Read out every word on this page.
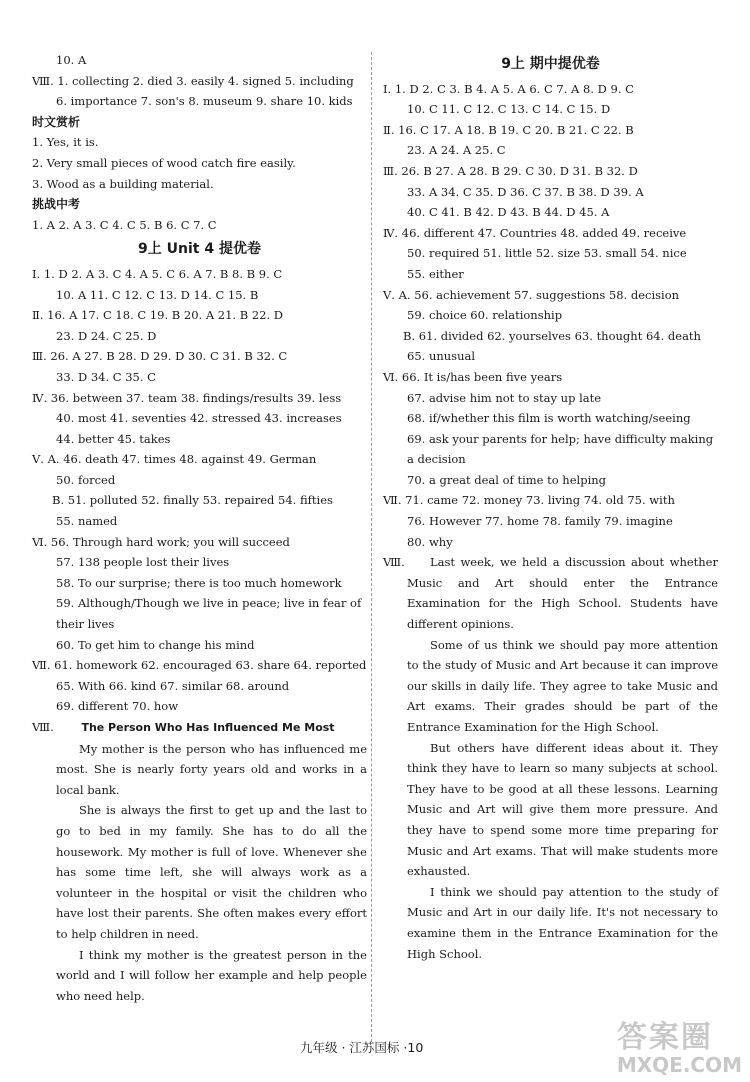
10. A
Ⅷ. 1. collecting 2. died 3. easily 4. signed 5. including
6. importance 7. son's 8. museum 9. share 10. kids
时文赏析
1. Yes, it is.
2. Very small pieces of wood catch fire easily.
3. Wood as a building material.
挑战中考
1. A 2. A 3. C 4. C 5. B 6. C 7. C
9上 Unit 4 提优卷
Ⅰ. 1. D 2. A 3. C 4. A 5. C 6. A 7. B 8. B 9. C
10. A 11. C 12. C 13. D 14. C 15. B
Ⅱ. 16. A 17. C 18. C 19. B 20. A 21. B 22. D
23. D 24. C 25. D
Ⅲ. 26. A 27. B 28. D 29. D 30. C 31. B 32. C
33. D 34. C 35. C
Ⅳ. 36. between 37. team 38. findings/results 39. less
40. most 41. seventies 42. stressed 43. increases
44. better 45. takes
Ⅴ. A. 46. death 47. times 48. against 49. German
50. forced
B. 51. polluted 52. finally 53. repaired 54. fifties
55. named
Ⅵ. 56. Through hard work; you will succeed
57. 138 people lost their lives
58. To our surprise; there is too much homework
59. Although/Though we live in peace; live in fear of
their lives
60. To get him to change his mind
Ⅶ. 61. homework 62. encouraged 63. share 64. reported
65. With 66. kind 67. similar 68. around
69. different 70. how
Ⅷ.	The Person Who Has Influenced Me Most
My mother is the person who has influenced me most. She is nearly forty years old and works in a local bank.
She is always the first to get up and the last to go to bed in my family. She has to do all the housework. My mother is full of love. Whenever she has some time left, she will always work as a volunteer in the hospital or visit the children who have lost their parents. She often makes every effort to help children in need.
I think my mother is the greatest person in the world and I will follow her example and help people who need help.
9上 期中提优卷
Ⅰ. 1. D 2. C 3. B 4. A 5. A 6. C 7. A 8. D 9. C
10. C 11. C 12. C 13. C 14. C 15. D
Ⅱ. 16. C 17. A 18. B 19. C 20. B 21. C 22. B
23. A 24. A 25. C
Ⅲ. 26. B 27. A 28. B 29. C 30. D 31. B 32. D
33. A 34. C 35. D 36. C 37. B 38. D 39. A
40. C 41. B 42. D 43. B 44. D 45. A
Ⅳ. 46. different 47. Countries 48. added 49. receive
50. required 51. little 52. size 53. small 54. nice
55. either
Ⅴ. A. 56. achievement 57. suggestions 58. decision
59. choice 60. relationship
B. 61. divided 62. yourselves 63. thought 64. death
65. unusual
Ⅵ. 66. It is/has been five years
67. advise him not to stay up late
68. if/whether this film is worth watching/seeing
69. ask your parents for help; have difficulty making
a decision
70. a great deal of time to helping
Ⅶ. 71. came 72. money 73. living 74. old 75. with
76. However 77. home 78. family 79. imagine
80. why
Ⅷ.	Last week, we held a discussion about whether Music and Art should enter the Entrance Examination for the High School. Students have different opinions.
Some of us think we should pay more attention to the study of Music and Art because it can improve our skills in daily life. They agree to take Music and Art exams. Their grades should be part of the Entrance Examination for the High School.
But others have different ideas about it. They think they have to learn so many subjects at school. They have to be good at all these lessons. Learning Music and Art will give them more pressure. And they have to spend some more time preparing for Music and Art exams. That will make students more exhausted.
I think we should pay attention to the study of Music and Art in our daily life. It's not necessary to examine them in the Entrance Examination for the High School.
九年级 · 江苏国标 ·10	答案圈
MXQE.COM
